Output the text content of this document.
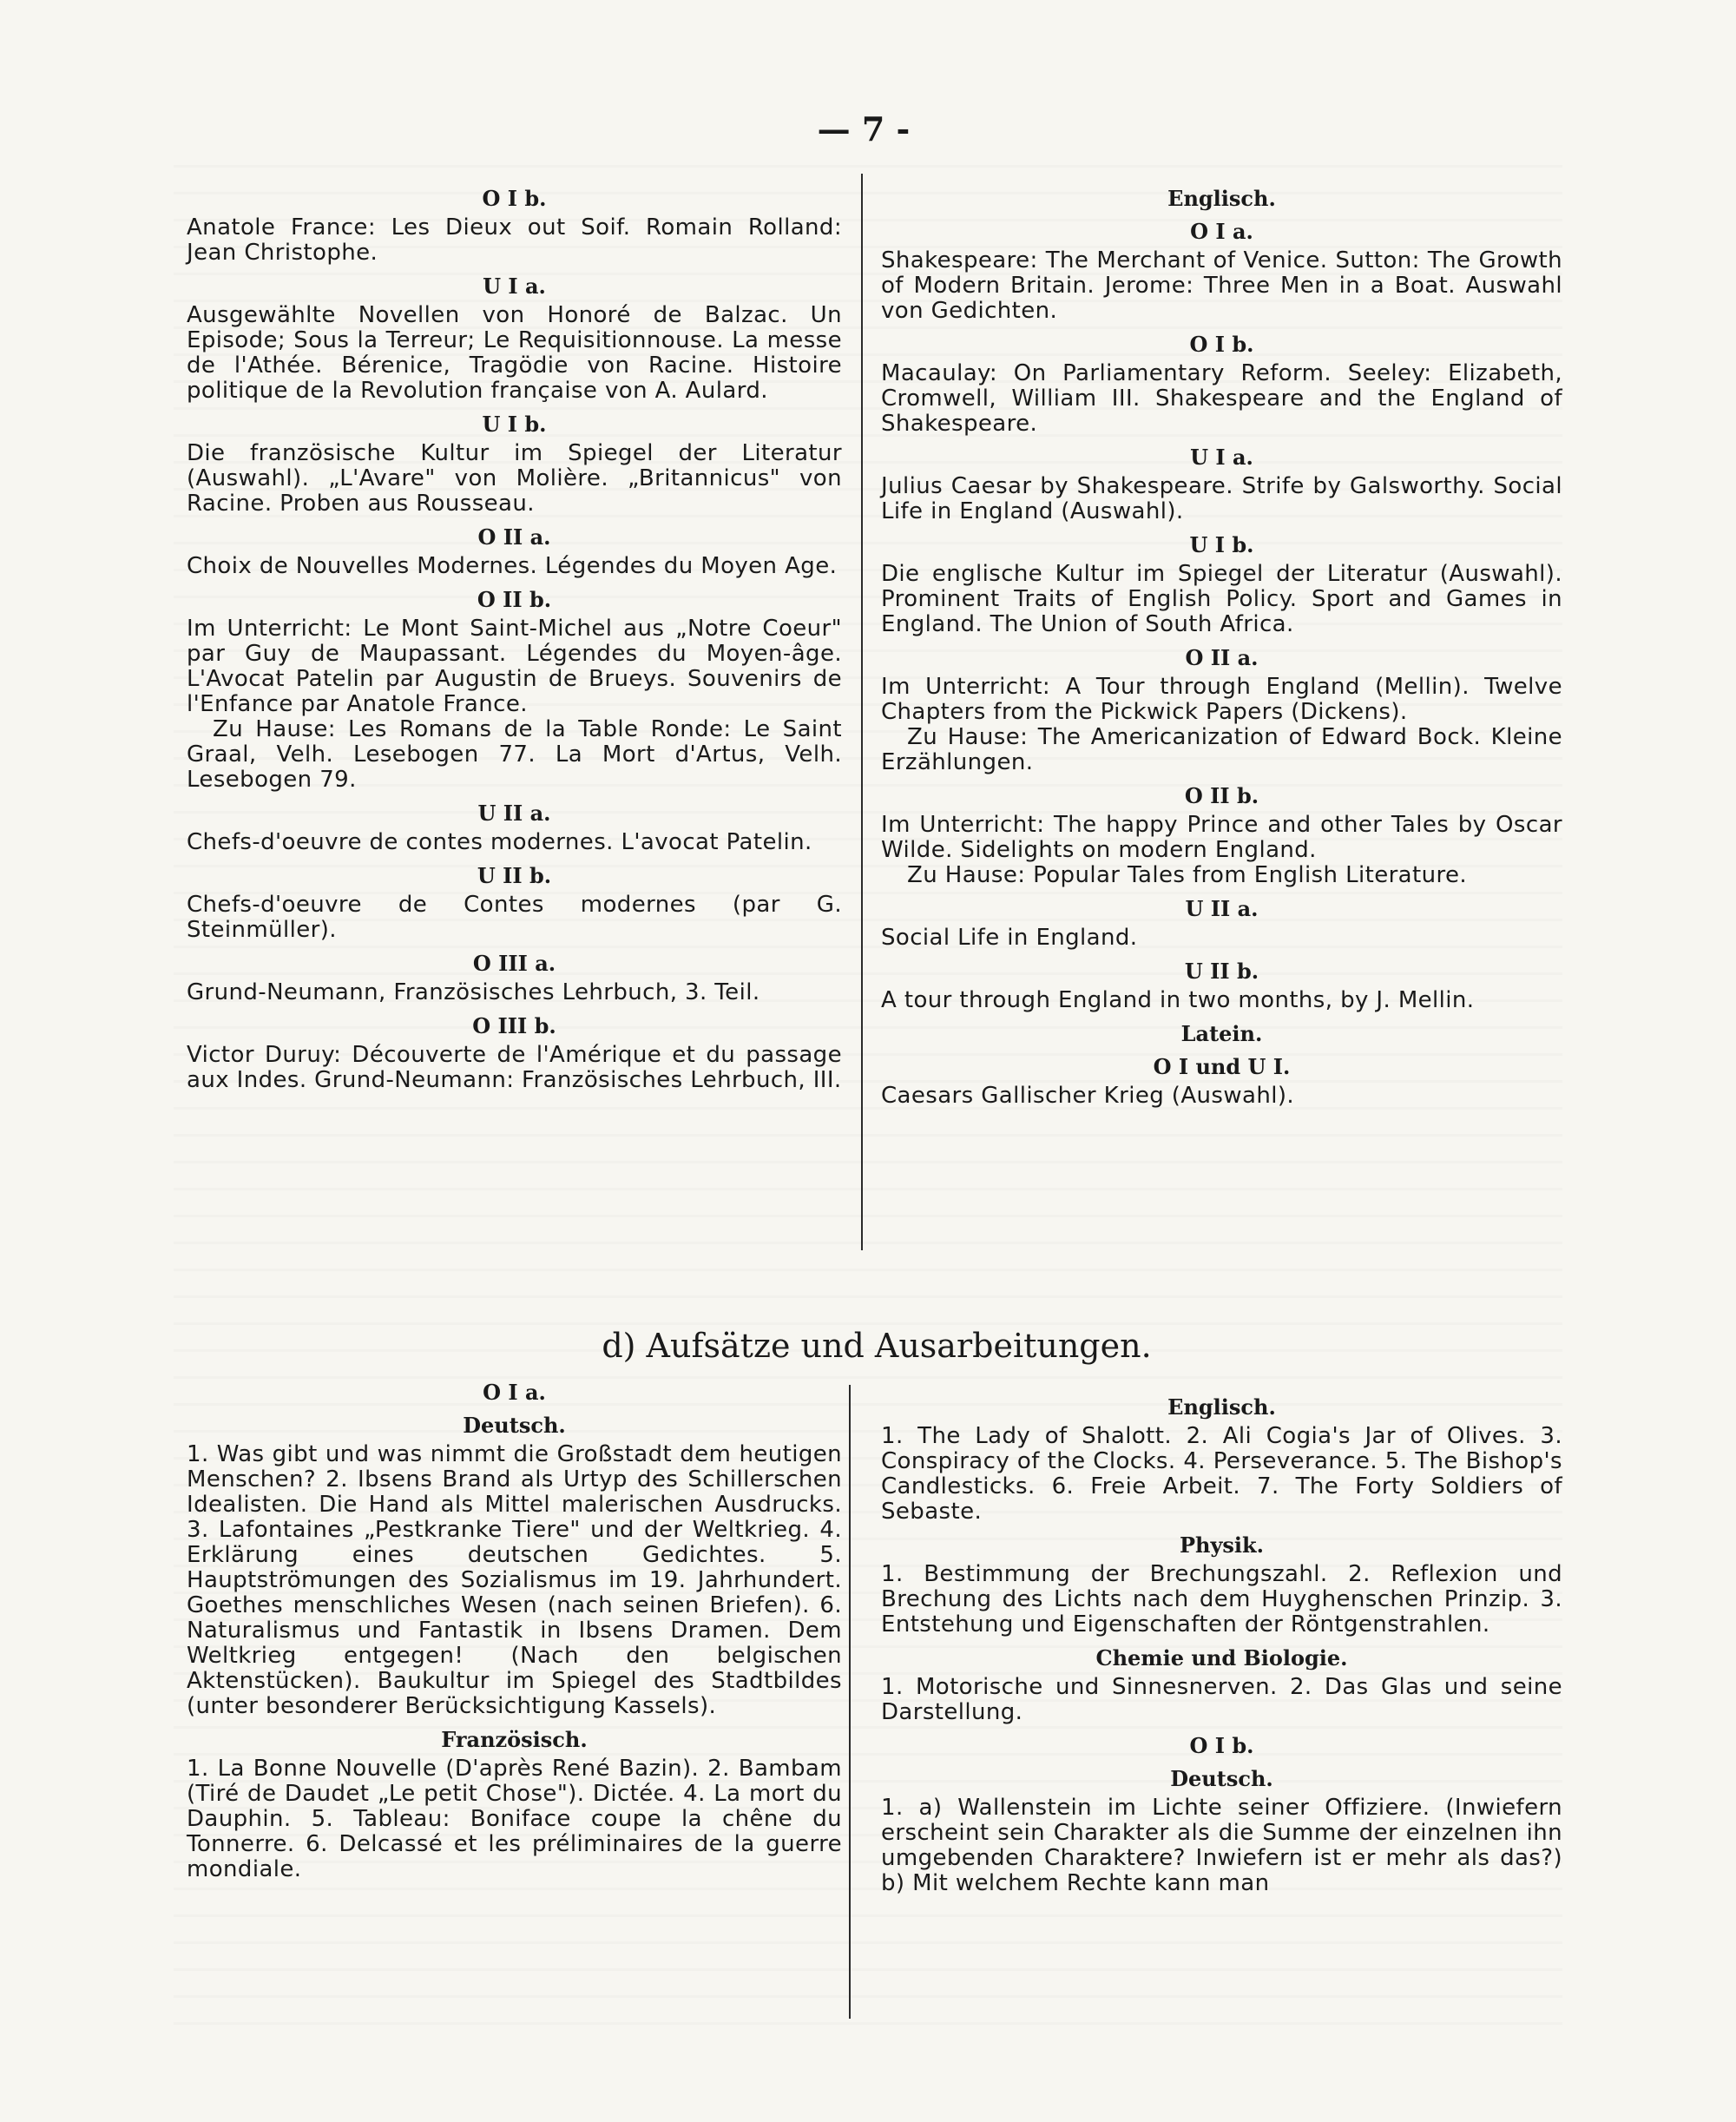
— 7 -
O I b.

Anatole France: Les Dieux out Soif. Romain Rolland: Jean Christophe.

U I a.

Ausgewählte Novellen von Honoré de Balzac. Un Episode; Sous la Terreur; Le Requisitionnouse. La messe de l'Athée. Bérenice, Tragödie von Racine. Histoire politique de la Revolution française von A. Aulard.

U I b.

Die französische Kultur im Spiegel der Literatur (Auswahl). „L'Avare" von Molière. „Britannicus" von Racine. Proben aus Rousseau.

O II a.

Choix de Nouvelles Modernes. Légendes du Moyen Age.

O II b.

Im Unterricht: Le Mont Saint-Michel aus „Notre Coeur" par Guy de Maupassant. Légendes du Moyen-âge. L'Avocat Patelin par Augustin de Brueys. Souvenirs de l'Enfance par Anatole France.

Zu Hause: Les Romans de la Table Ronde: Le Saint Graal, Velh. Lesebogen 77. La Mort d'Artus, Velh. Lesebogen 79.

U II a.

Chefs-d'oeuvre de contes modernes. L'avocat Patelin.

U II b.

Chefs-d'oeuvre de Contes modernes (par G. Steinmüller).

O III a.

Grund-Neumann, Französisches Lehrbuch, 3. Teil.

O III b.

Victor Duruy: Découverte de l'Amérique et du passage aux Indes. Grund-Neumann: Französisches Lehrbuch, III.

Englisch.
O I a.

Shakespeare: The Merchant of Venice. Sutton: The Growth of Modern Britain. Jerome: Three Men in a Boat. Auswahl von Gedichten.

O I b.

Macaulay: On Parliamentary Reform. Seeley: Elizabeth, Cromwell, William III. Shakespeare and the England of Shakespeare.

U I a.

Julius Caesar by Shakespeare. Strife by Galsworthy. Social Life in England (Auswahl).

U I b.

Die englische Kultur im Spiegel der Literatur (Auswahl). Prominent Traits of English Policy. Sport and Games in England. The Union of South Africa.

O II a.

Im Unterricht: A Tour through England (Mellin). Twelve Chapters from the Pickwick Papers (Dickens).

Zu Hause: The Americanization of Edward Bock. Kleine Erzählungen.

O II b.

Im Unterricht: The happy Prince and other Tales by Oscar Wilde. Sidelights on modern England.

Zu Hause: Popular Tales from English Literature.

U II a.

Social Life in England.

U II b.

A tour through England in two months, by J. Mellin.

Latein.
O I und U I.

Caesars Gallischer Krieg (Auswahl).

d) Aufsätze und Ausarbeitungen.
O I a.
Deutsch.

1. Was gibt und was nimmt die Großstadt dem heutigen Menschen? 2. Ibsens Brand als Urtyp des Schillerschen Idealisten. Die Hand als Mittel malerischen Ausdrucks. 3. Lafontaines „Pestkranke Tiere" und der Weltkrieg. 4. Erklärung eines deutschen Gedichtes. 5. Hauptströmungen des Sozialismus im 19. Jahrhundert. Goethes menschliches Wesen (nach seinen Briefen). 6. Naturalismus und Fantastik in Ibsens Dramen. Dem Weltkrieg entgegen! (Nach den belgischen Aktenstücken). Baukultur im Spiegel des Stadtbildes (unter besonderer Berücksichtigung Kassels).

Französisch.

1. La Bonne Nouvelle (D'après René Bazin). 2. Bambam (Tiré de Daudet „Le petit Chose"). Dictée. 4. La mort du Dauphin. 5. Tableau: Boniface coupe la chêne du Tonnerre. 6. Delcassé et les préliminaires de la guerre mondiale.

Englisch.

1. The Lady of Shalott. 2. Ali Cogia's Jar of Olives. 3. Conspiracy of the Clocks. 4. Perseverance. 5. The Bishop's Candlesticks. 6. Freie Arbeit. 7. The Forty Soldiers of Sebaste.

Physik.

1. Bestimmung der Brechungszahl. 2. Reflexion und Brechung des Lichts nach dem Huyghenschen Prinzip. 3. Entstehung und Eigenschaften der Röntgenstrahlen.

Chemie und Biologie.

1. Motorische und Sinnesnerven. 2. Das Glas und seine Darstellung.

O I b.
Deutsch.

1. a) Wallenstein im Lichte seiner Offiziere. (Inwiefern erscheint sein Charakter als die Summe der einzelnen ihn umgebenden Charaktere? Inwiefern ist er mehr als das?) b) Mit welchem Rechte kann man
